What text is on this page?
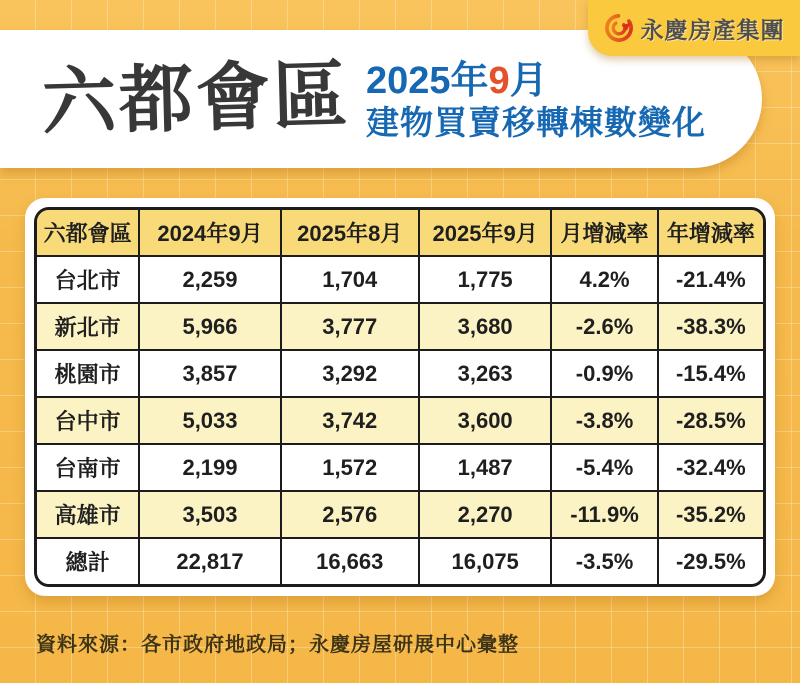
永慶房產集團
六都會區 2025年9月
建物買賣移轉棟數變化
六都會區	2024年9月	2025年8月	2025年9月	月增減率	年增減率
台北市	2,259	1,704	1,775	4.2%	-21.4%
新北市	5,966	3,777	3,680	-2.6%	-38.3%
桃園市	3,857	3,292	3,263	-0.9%	-15.4%
台中市	5,033	3,742	3,600	-3.8%	-28.5%
台南市	2,199	1,572	1,487	-5.4%	-32.4%
高雄市	3,503	2,576	2,270	-11.9%	-35.2%
總計	22,817	16,663	16,075	-3.5%	-29.5%
資料來源：各市政府地政局；永慶房屋研展中心彙整
